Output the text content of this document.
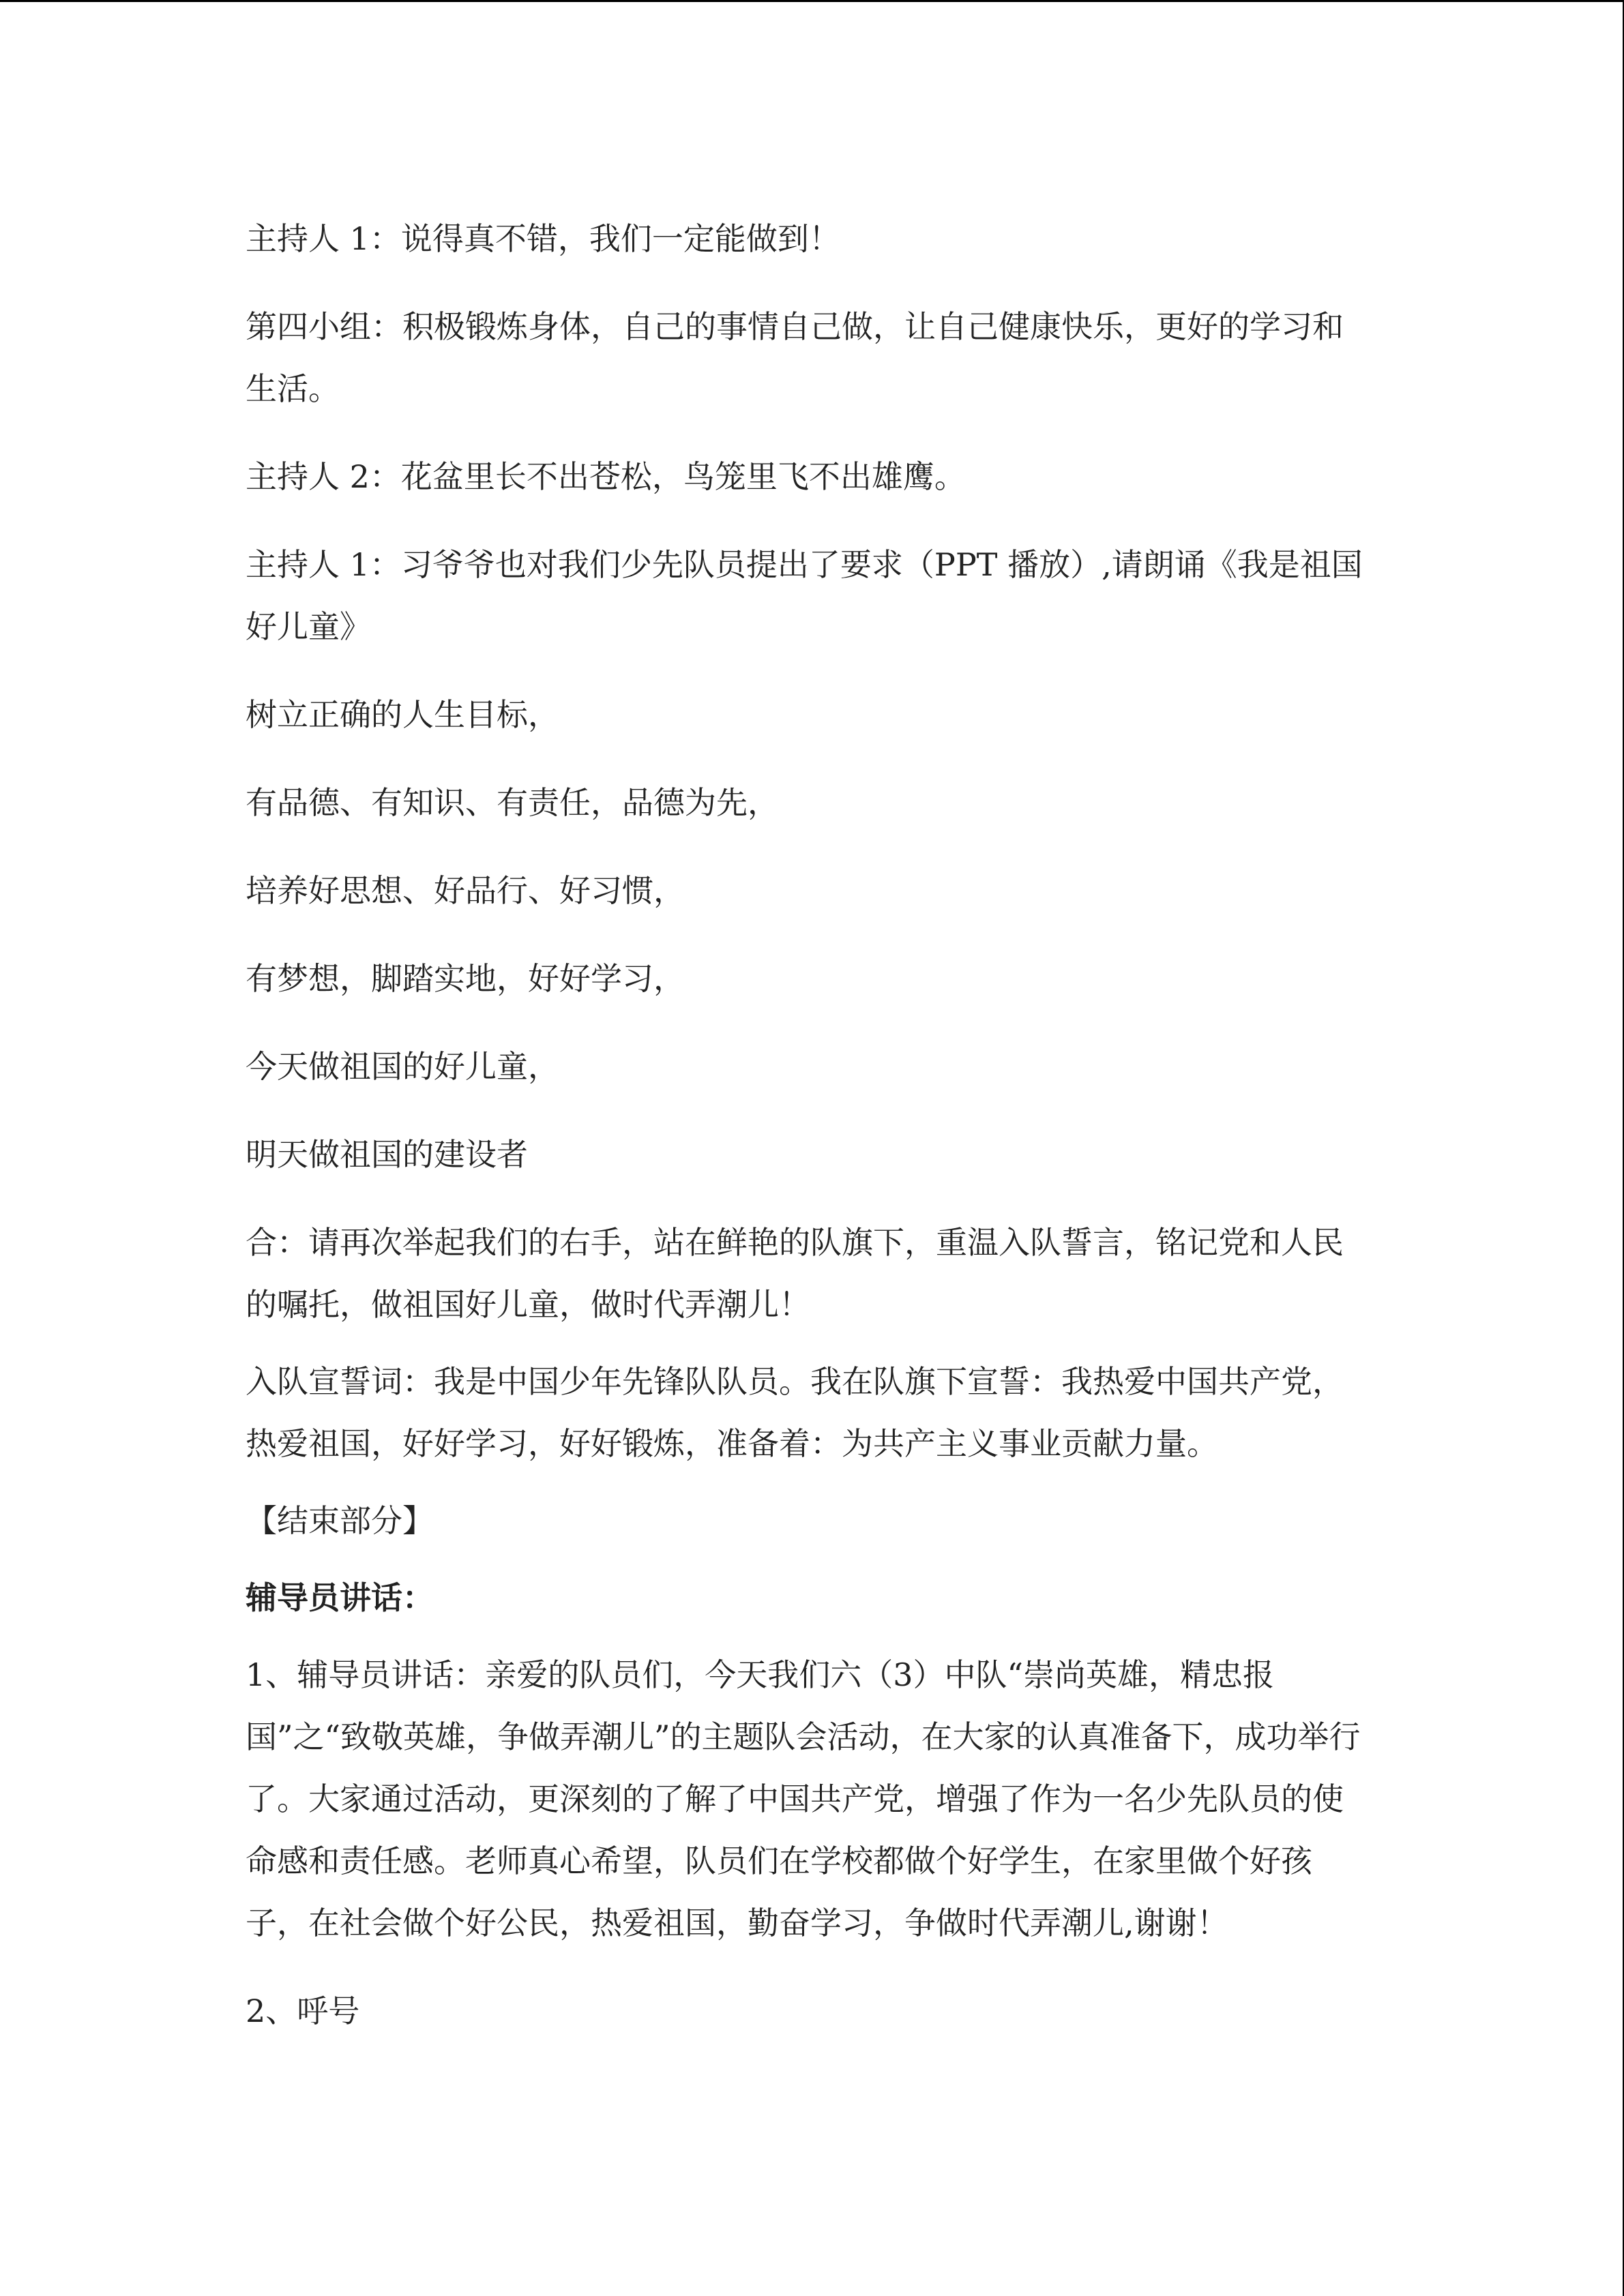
主持人 1：说得真不错，我们一定能做到！

第四小组：积极锻炼身体，自己的事情自己做，让自己健康快乐，更好的学习和生活。

主持人 2：花盆里长不出苍松，鸟笼里飞不出雄鹰。

主持人 1：习爷爷也对我们少先队员提出了要求（PPT 播放）,请朗诵《我是祖国好儿童》

树立正确的人生目标，

有品德、有知识、有责任，品德为先，

培养好思想、好品行、好习惯，

有梦想，脚踏实地，好好学习，

今天做祖国的好儿童，

明天做祖国的建设者

合：请再次举起我们的右手，站在鲜艳的队旗下，重温入队誓言，铭记党和人民的嘱托，做祖国好儿童，做时代弄潮儿！

入队宣誓词：我是中国少年先锋队队员。我在队旗下宣誓：我热爱中国共产党，热爱祖国，好好学习，好好锻炼，准备着：为共产主义事业贡献力量。

【结束部分】

辅导员讲话：

1、辅导员讲话：亲爱的队员们，今天我们六（3）中队“崇尚英雄，精忠报国”之“致敬英雄，争做弄潮儿”的主题队会活动，在大家的认真准备下，成功举行了。大家通过活动，更深刻的了解了中国共产党，增强了作为一名少先队员的使命感和责任感。老师真心希望，队员们在学校都做个好学生，在家里做个好孩子，在社会做个好公民，热爱祖国，勤奋学习，争做时代弄潮儿,谢谢！

2、呼号
